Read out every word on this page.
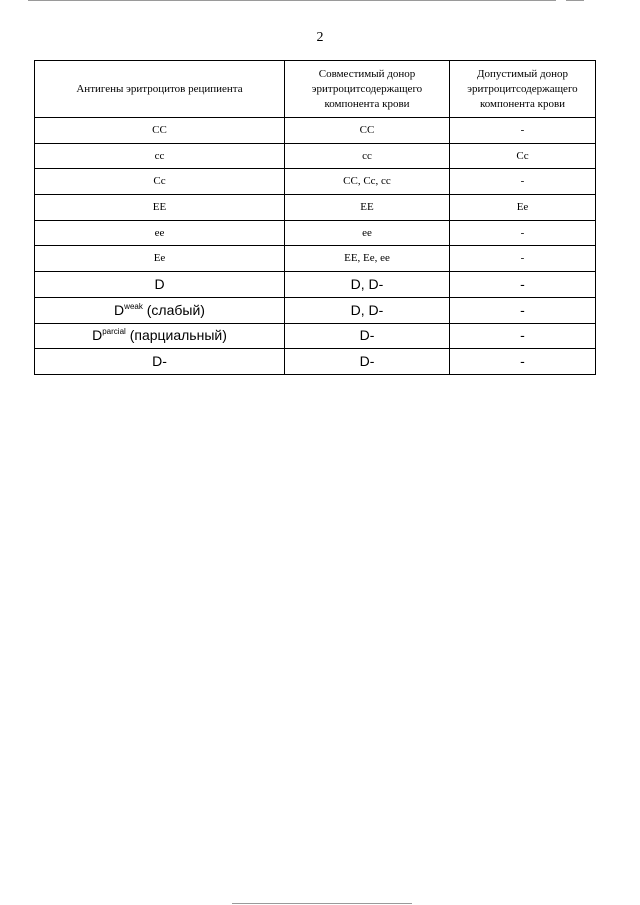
2
Антигены эритроцитов реципиента	Совместимый донор эритроцитсодержащего компонента крови	Допустимый донор эритроцитсодержащего компонента крови
CC	CC	-
cc	cc	Cc
Cc	CC, Cc, cc	-
EE	EE	Ee
ee	ee	-
Ee	EE, Ee, ee	-
D	D, D-	-
$D^{weak}$ (слабый)	D, D-	-
$D^{parcial}$ (парциальный)	D-	-
D-	D-	-
